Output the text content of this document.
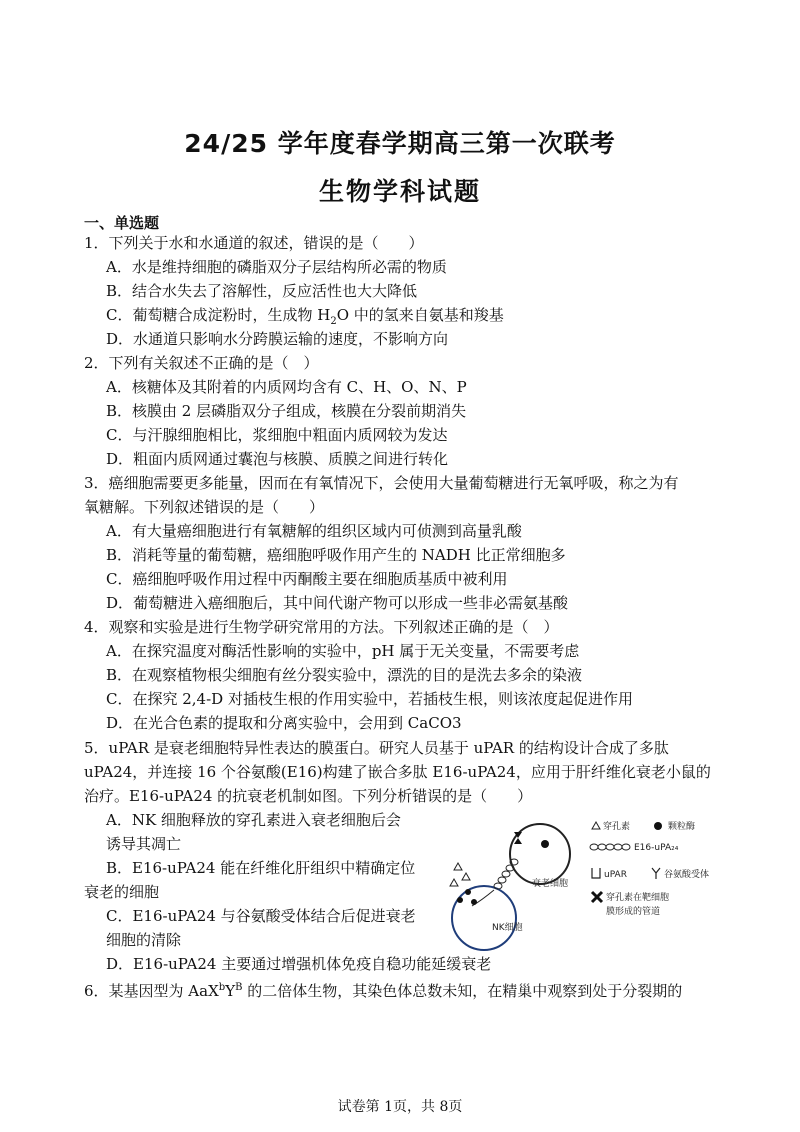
24/25 学年度春学期高三第一次联考
生物学科试题
一、单选题
1．下列关于水和水通道的叙述，错误的是（　　）
A．水是维持细胞的磷脂双分子层结构所必需的物质
B．结合水失去了溶解性，反应活性也大大降低
C．葡萄糖合成淀粉时，生成物 $H_2O$ 中的氢来自氨基和羧基
D．水通道只影响水分跨膜运输的速度，不影响方向
2．下列有关叙述不正确的是（　）
A．核糖体及其附着的内质网均含有 C、H、O、N、P
B．核膜由 2 层磷脂双分子组成，核膜在分裂前期消失
C．与汗腺细胞相比，浆细胞中粗面内质网较为发达
D．粗面内质网通过囊泡与核膜、质膜之间进行转化
3．癌细胞需要更多能量，因而在有氧情况下，会使用大量葡萄糖进行无氧呼吸，称之为有
氧糖解。下列叙述错误的是（　　）
A．有大量癌细胞进行有氧糖解的组织区域内可侦测到高量乳酸
B．消耗等量的葡萄糖，癌细胞呼吸作用产生的 NADH 比正常细胞多
C．癌细胞呼吸作用过程中丙酮酸主要在细胞质基质中被利用
D．葡萄糖进入癌细胞后，其中间代谢产物可以形成一些非必需氨基酸
4．观察和实验是进行生物学研究常用的方法。下列叙述正确的是（　）
A．在探究温度对酶活性影响的实验中，pH 属于无关变量，不需要考虑
B．在观察植物根尖细胞有丝分裂实验中，漂洗的目的是洗去多余的染液
C．在探究 2,4-D 对插枝生根的作用实验中，若插枝生根，则该浓度起促进作用
D．在光合色素的提取和分离实验中，会用到 CaCO3
5．uPAR 是衰老细胞特异性表达的膜蛋白。研究人员基于 uPAR 的结构设计合成了多肽
uPA24，并连接 16 个谷氨酸(E16)构建了嵌合多肽 E16-uPA24，应用于肝纤维化衰老小鼠的
治疗。E16-uPA24 的抗衰老机制如图。下列分析错误的是（　　）
A．NK 细胞释放的穿孔素进入衰老细胞后会
诱导其凋亡
B．E16-uPA24 能在纤维化肝组织中精确定位
衰老的细胞
C．E16-uPA24 与谷氨酸受体结合后促进衰老
细胞的清除
D．E16-uPA24 主要通过增强机体免疫自稳功能延缓衰老
6．某基因型为 $AaX^bY^B$ 的二倍体生物，其染色体总数未知，在精巢中观察到处于分裂期的
衰老细胞
NK细胞
穿孔素	颗粒酶
E16-uPA₂₄
uPAR	谷氨酸受体
穿孔素在靶细胞
膜形成的管道
试卷第 1页，共 8页
